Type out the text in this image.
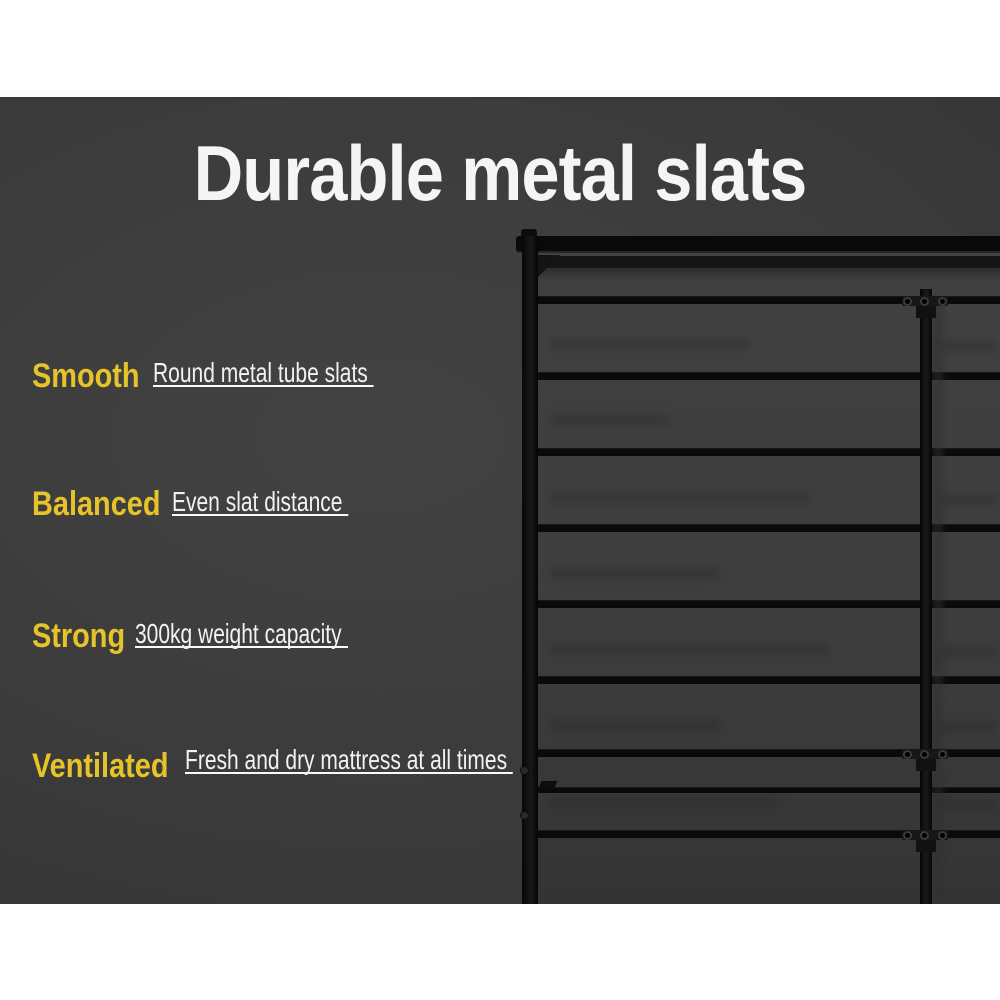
Durable metal slats
Smooth Round metal tube slats
Balanced Even slat distance
Strong 300kg weight capacity
Ventilated Fresh and dry mattress at all times
